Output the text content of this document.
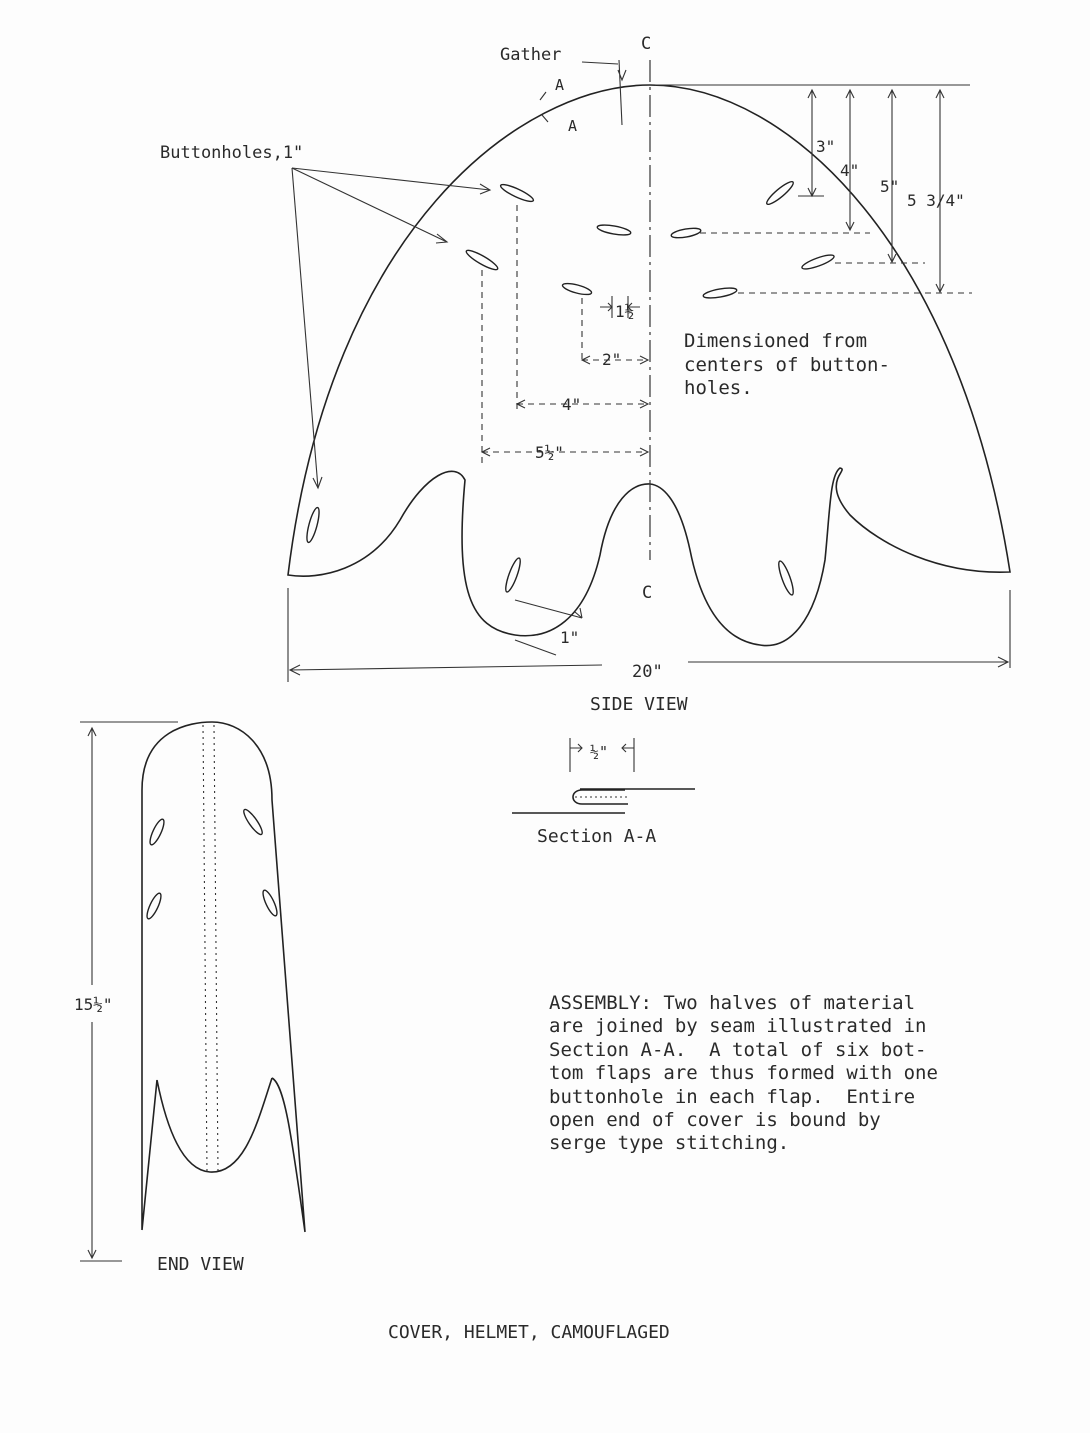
C
C
Gather
A
A
Buttonholes,1"	3"
4"
5"
5 3/4"
1½
2"
4"
5½"
1"
20"
SIDE VIEW
½"
Section A-A
15½"
END VIEW
COVER, HELMET, CAMOUFLAGED
Dimensioned from
centers of button-
holes.
ASSEMBLY: Two halves of material
are joined by seam illustrated in
Section A-A.  A total of six bot-
tom flaps are thus formed with one
buttonhole in each flap.  Entire
open end of cover is bound by
serge type stitching.
